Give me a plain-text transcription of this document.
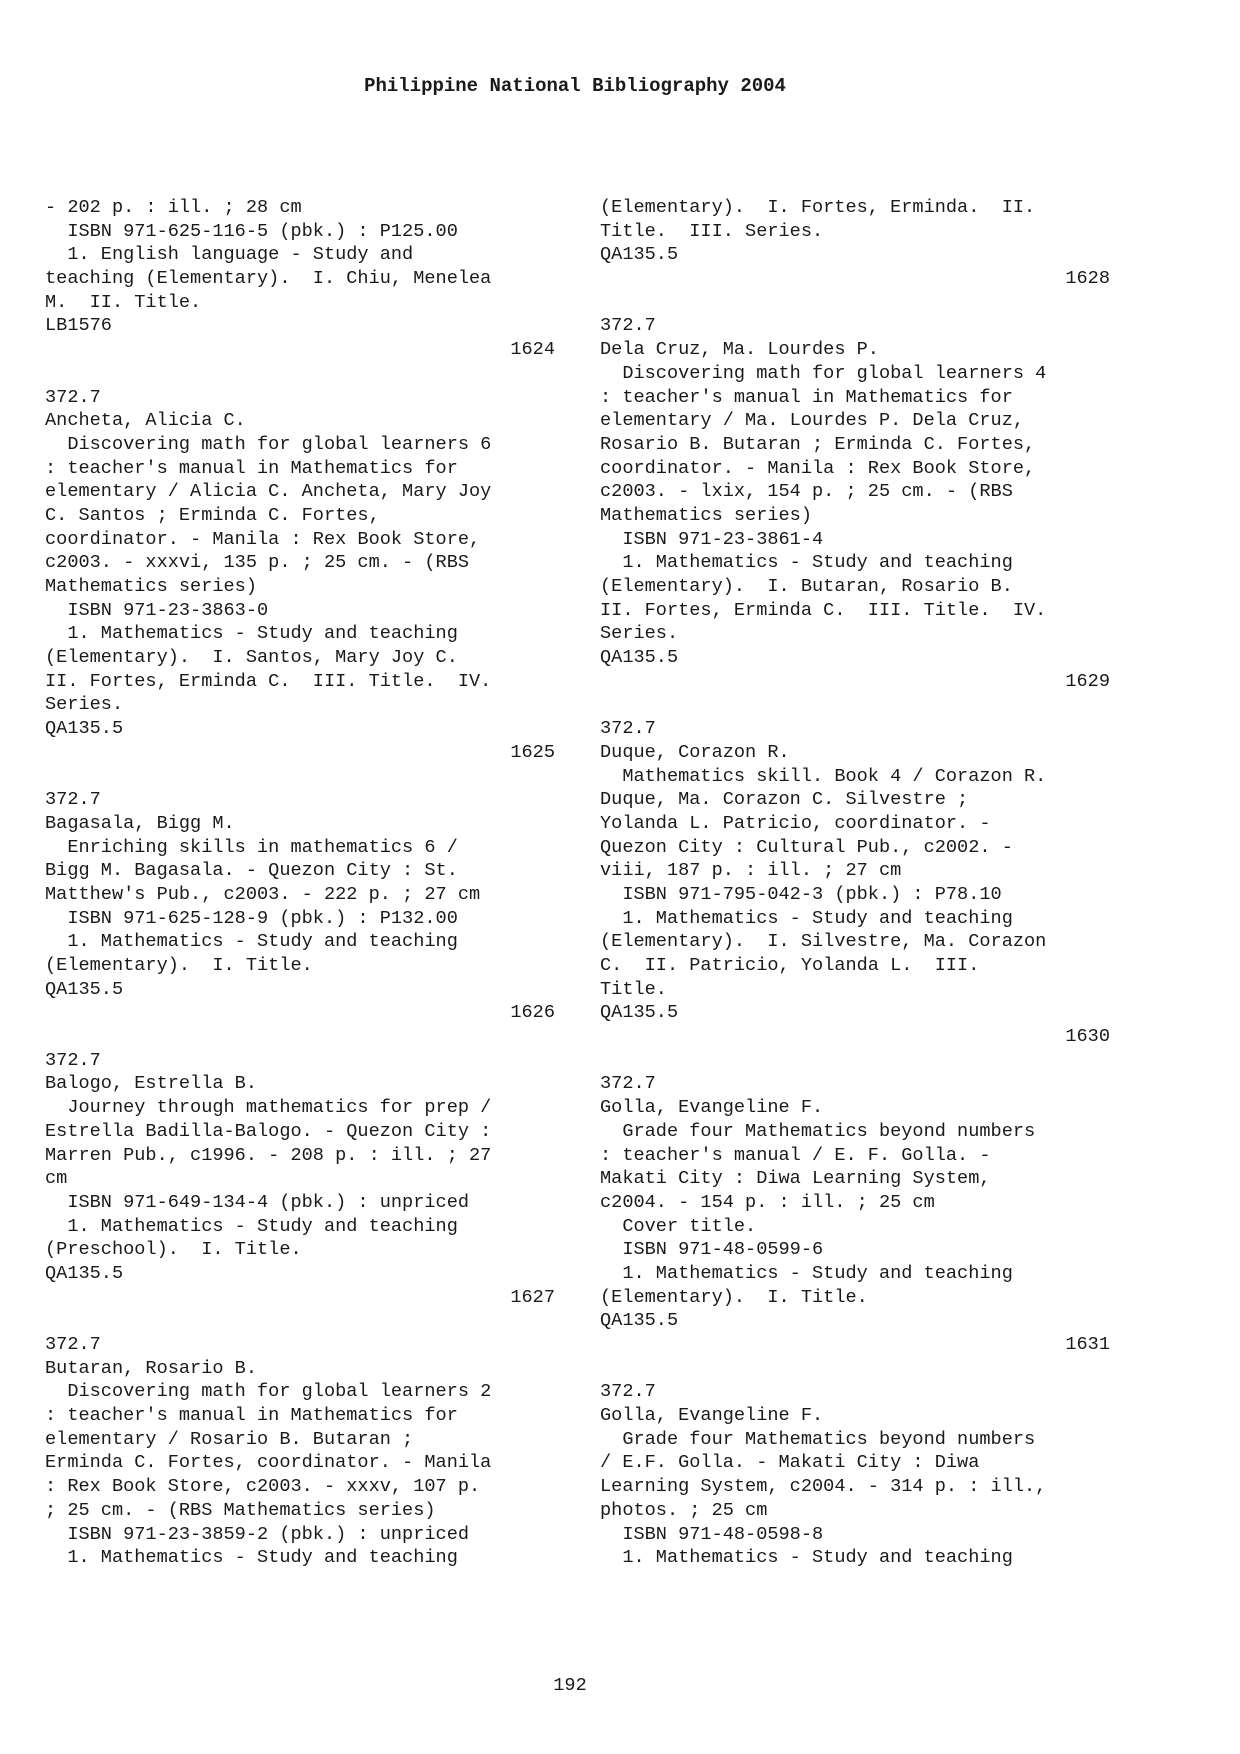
Philippine National Bibliography 2004
- 202 p. : ill. ; 28 cm
ISBN 971-625-116-5 (pbk.) : P125.00
1. English language - Study and
teaching (Elementary).  I. Chiu, Menelea
M.  II. Title.
LB1576
1624
372.7
Ancheta, Alicia C.
Discovering math for global learners 6
: teacher's manual in Mathematics for
elementary / Alicia C. Ancheta, Mary Joy
C. Santos ; Erminda C. Fortes,
coordinator. - Manila : Rex Book Store,
c2003. - xxxvi, 135 p. ; 25 cm. - (RBS
Mathematics series)
ISBN 971-23-3863-0
1. Mathematics - Study and teaching
(Elementary).  I. Santos, Mary Joy C.
II. Fortes, Erminda C.  III. Title.  IV.
Series.
QA135.5
1625
372.7
Bagasala, Bigg M.
Enriching skills in mathematics 6 /
Bigg M. Bagasala. - Quezon City : St.
Matthew's Pub., c2003. - 222 p. ; 27 cm
ISBN 971-625-128-9 (pbk.) : P132.00
1. Mathematics - Study and teaching
(Elementary).  I. Title.
QA135.5
1626
372.7
Balogo, Estrella B.
Journey through mathematics for prep /
Estrella Badilla-Balogo. - Quezon City :
Marren Pub., c1996. - 208 p. : ill. ; 27
cm
ISBN 971-649-134-4 (pbk.) : unpriced
1. Mathematics - Study and teaching
(Preschool).  I. Title.
QA135.5
1627
372.7
Butaran, Rosario B.
Discovering math for global learners 2
: teacher's manual in Mathematics for
elementary / Rosario B. Butaran ;
Erminda C. Fortes, coordinator. - Manila
: Rex Book Store, c2003. - xxxv, 107 p.
; 25 cm. - (RBS Mathematics series)
ISBN 971-23-3859-2 (pbk.) : unpriced
1. Mathematics - Study and teaching
(Elementary).  I. Fortes, Erminda.  II.
Title.  III. Series.
QA135.5
1628
372.7
Dela Cruz, Ma. Lourdes P.
Discovering math for global learners 4
: teacher's manual in Mathematics for
elementary / Ma. Lourdes P. Dela Cruz,
Rosario B. Butaran ; Erminda C. Fortes,
coordinator. - Manila : Rex Book Store,
c2003. - lxix, 154 p. ; 25 cm. - (RBS
Mathematics series)
ISBN 971-23-3861-4
1. Mathematics - Study and teaching
(Elementary).  I. Butaran, Rosario B.
II. Fortes, Erminda C.  III. Title.  IV.
Series.
QA135.5
1629
372.7
Duque, Corazon R.
Mathematics skill. Book 4 / Corazon R.
Duque, Ma. Corazon C. Silvestre ;
Yolanda L. Patricio, coordinator. -
Quezon City : Cultural Pub., c2002. -
viii, 187 p. : ill. ; 27 cm
ISBN 971-795-042-3 (pbk.) : P78.10
1. Mathematics - Study and teaching
(Elementary).  I. Silvestre, Ma. Corazon
C.  II. Patricio, Yolanda L.  III.
Title.
QA135.5
1630
372.7
Golla, Evangeline F.
Grade four Mathematics beyond numbers
: teacher's manual / E. F. Golla. -
Makati City : Diwa Learning System,
c2004. - 154 p. : ill. ; 25 cm
Cover title.
ISBN 971-48-0599-6
1. Mathematics - Study and teaching
(Elementary).  I. Title.
QA135.5
1631
372.7
Golla, Evangeline F.
Grade four Mathematics beyond numbers
/ E.F. Golla. - Makati City : Diwa
Learning System, c2004. - 314 p. : ill.,
photos. ; 25 cm
ISBN 971-48-0598-8
1. Mathematics - Study and teaching
192
